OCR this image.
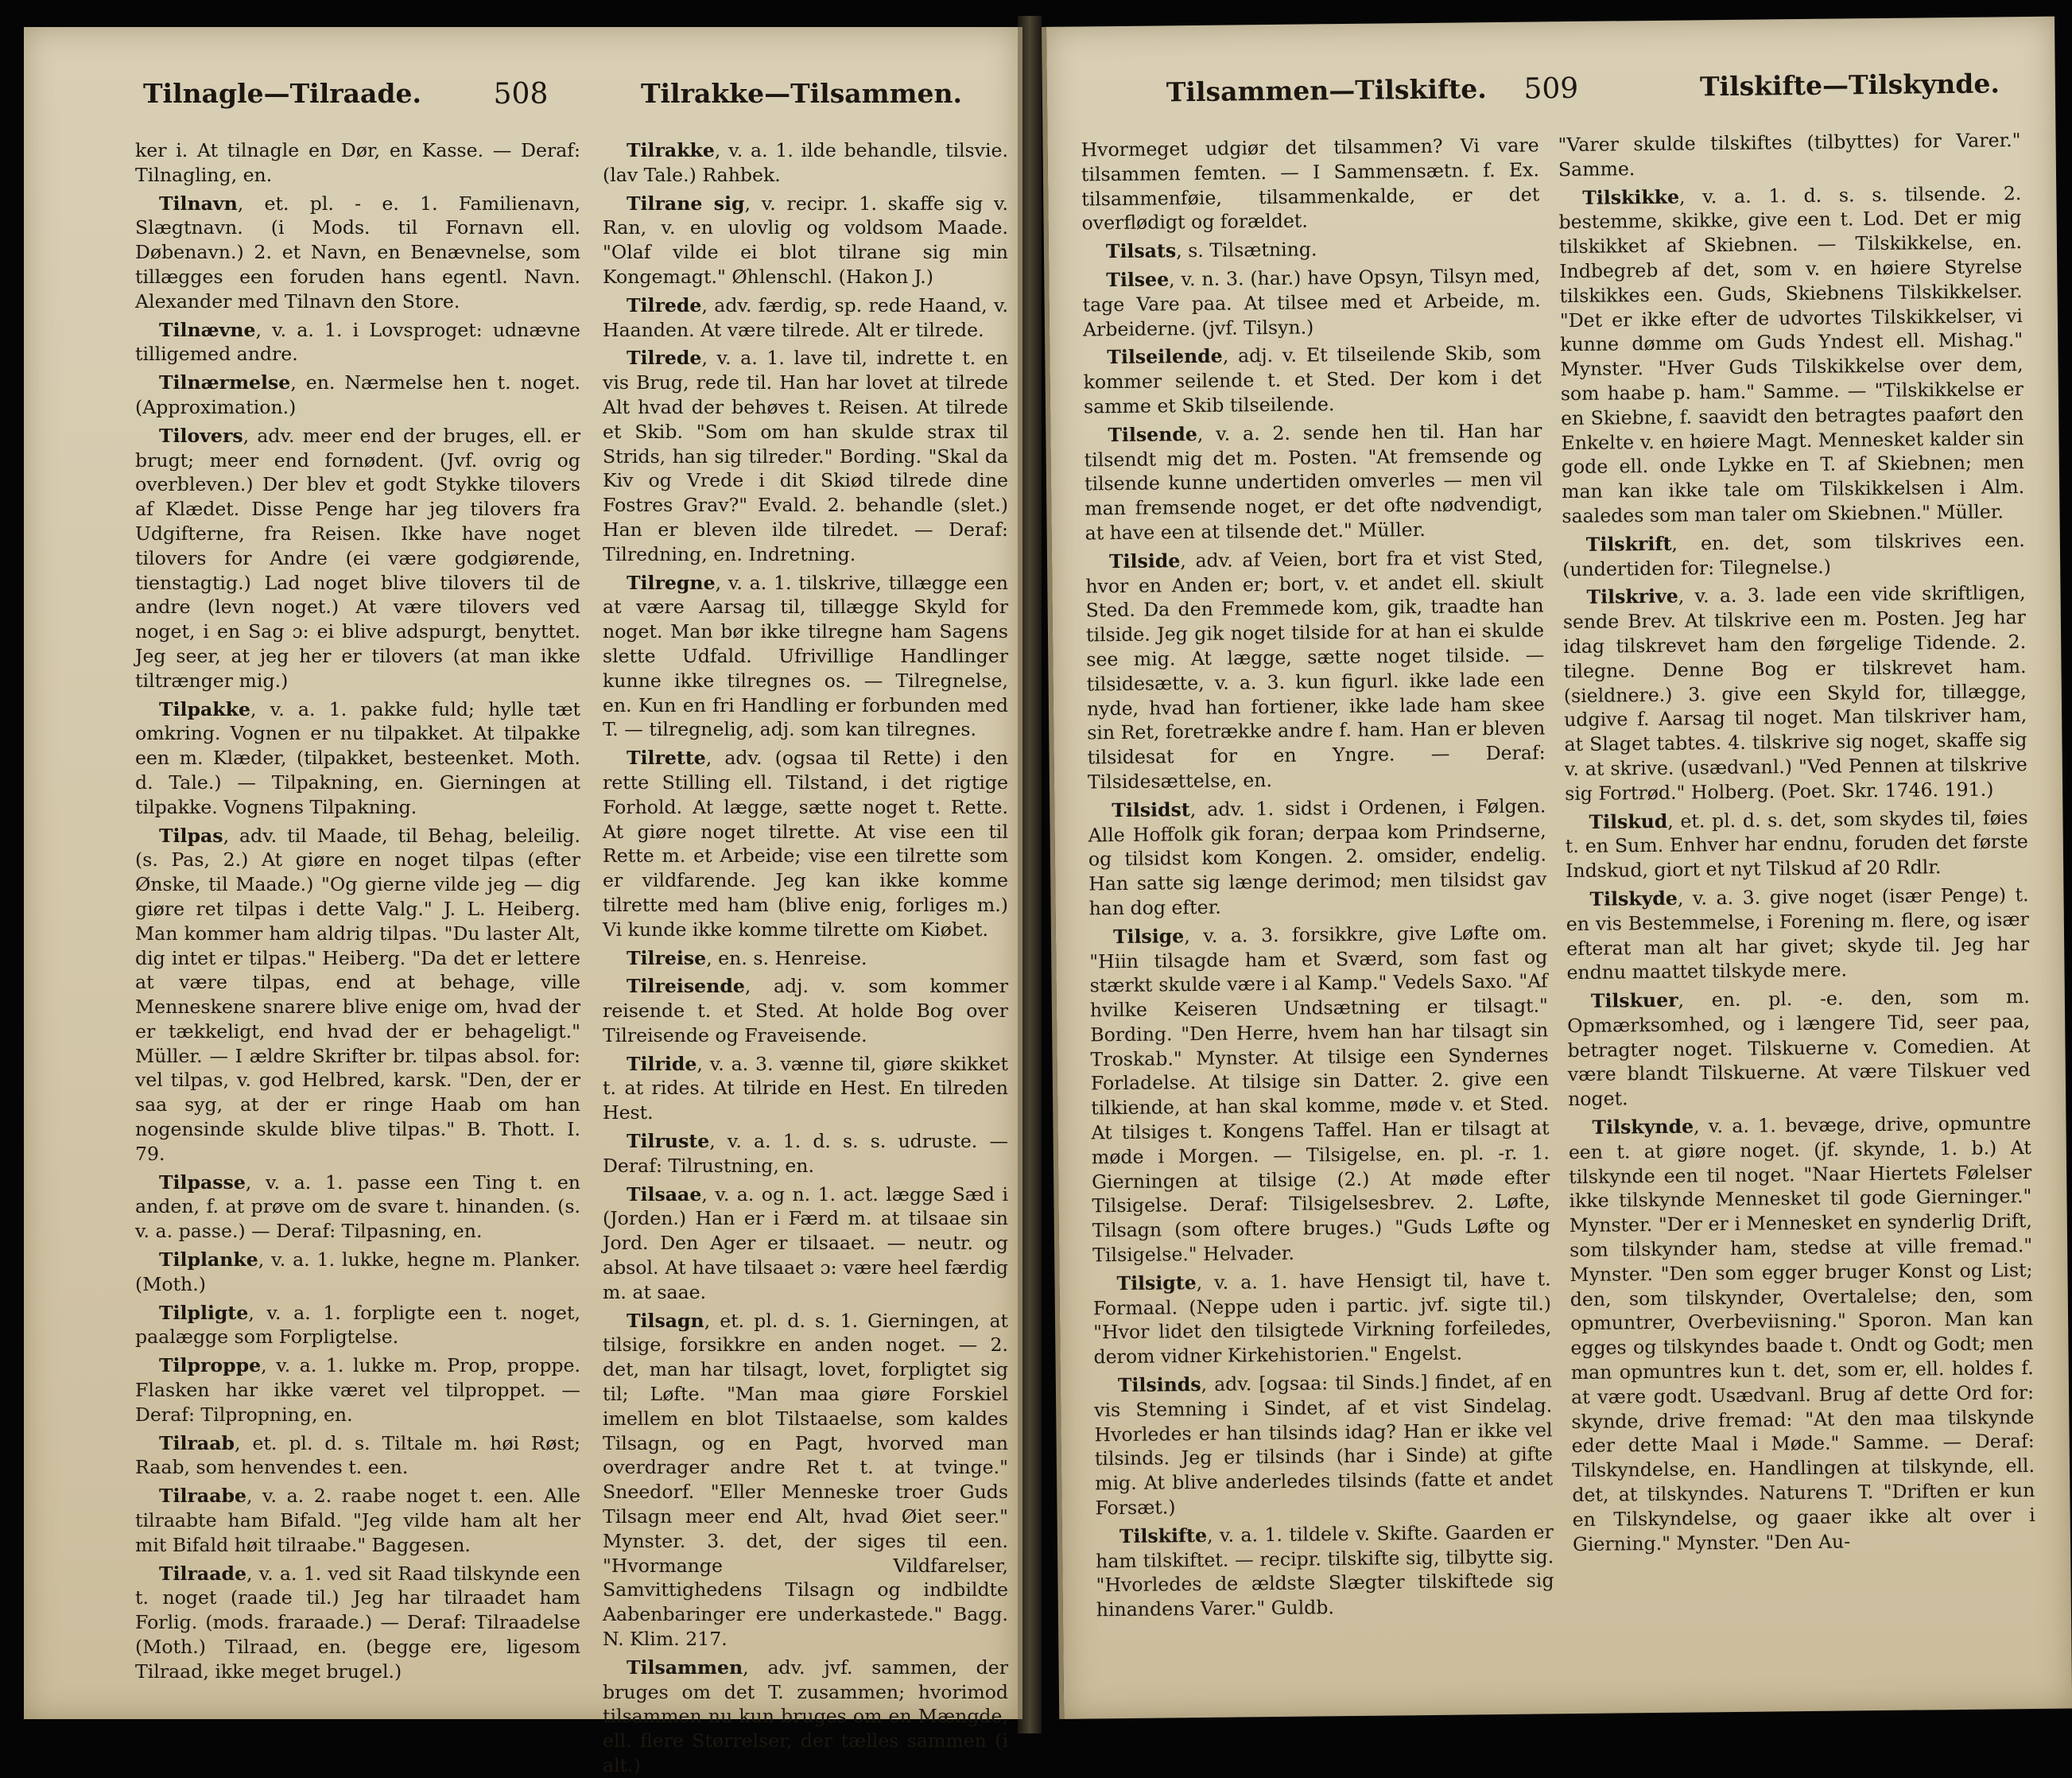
Tilnagle—Tilraade.	508	Tilrakke—Tilsammen.

ker i. At tilnagle en Dør, en Kasse. — Deraf: Tilnagling, en.

Tilnavn, et. pl. - e. 1. Familienavn, Slægtnavn. (i Mods. til Fornavn ell. Døbenavn.) 2. et Navn, en Benævnelse, som tillægges een foruden hans egentl. Navn. Alexander med Tilnavn den Store.

Tilnævne, v. a. 1. i Lovsproget: udnævne tilligemed andre.

Tilnærmelse, en. Nærmelse hen t. noget. (Approximation.)

Tilovers, adv. meer end der bruges, ell. er brugt; meer end fornødent. (Jvf. ovrig og overbleven.) Der blev et godt Stykke tilovers af Klædet. Disse Penge har jeg tilovers fra Udgifterne, fra Reisen. Ikke have noget tilovers for Andre (ei være godgiørende, tienstagtig.) Lad noget blive tilovers til de andre (levn noget.) At være tilovers ved noget, i en Sag ɔ: ei blive adspurgt, benyttet. Jeg seer, at jeg her er tilovers (at man ikke tiltrænger mig.)

Tilpakke, v. a. 1. pakke fuld; hylle tæt omkring. Vognen er nu tilpakket. At tilpakke een m. Klæder, (tilpakket, besteenket. Moth. d. Tale.) — Tilpakning, en. Gierningen at tilpakke. Vognens Tilpakning.

Tilpas, adv. til Maade, til Behag, beleilig. (s. Pas, 2.) At giøre en noget tilpas (efter Ønske, til Maade.) "Og gierne vilde jeg — dig giøre ret tilpas i dette Valg." J. L. Heiberg. Man kommer ham aldrig tilpas. "Du laster Alt, dig intet er tilpas." Heiberg. "Da det er lettere at være tilpas, end at behage, ville Menneskene snarere blive enige om, hvad der er tækkeligt, end hvad der er behageligt." Müller. — I ældre Skrifter br. tilpas absol. for: vel tilpas, v. god Helbred, karsk. "Den, der er saa syg, at der er ringe Haab om han nogensinde skulde blive tilpas." B. Thott. I. 79.

Tilpasse, v. a. 1. passe een Ting t. en anden, f. at prøve om de svare t. hinanden. (s. v. a. passe.) — Deraf: Tilpasning, en.

Tilplanke, v. a. 1. lukke, hegne m. Planker. (Moth.)

Tilpligte, v. a. 1. forpligte een t. noget, paalægge som Forpligtelse.

Tilproppe, v. a. 1. lukke m. Prop, proppe. Flasken har ikke været vel tilproppet. — Deraf: Tilpropning, en.

Tilraab, et. pl. d. s. Tiltale m. høi Røst; Raab, som henvendes t. een.

Tilraabe, v. a. 2. raabe noget t. een. Alle tilraabte ham Bifald. "Jeg vilde ham alt her mit Bifald høit tilraabe." Baggesen.

Tilraade, v. a. 1. ved sit Raad tilskynde een t. noget (raade til.) Jeg har tilraadet ham Forlig. (mods. fraraade.) — Deraf: Tilraadelse (Moth.) Tilraad, en. (begge ere, ligesom Tilraad, ikke meget brugel.)

Tilrakke, v. a. 1. ilde behandle, tilsvie. (lav Tale.) Rahbek.

Tilrane sig, v. recipr. 1. skaffe sig v. Ran, v. en ulovlig og voldsom Maade. "Olaf vilde ei blot tilrane sig min Kongemagt." Øhlenschl. (Hakon J.)

Tilrede, adv. færdig, sp. rede Haand, v. Haanden. At være tilrede. Alt er tilrede.

Tilrede, v. a. 1. lave til, indrette t. en vis Brug, rede til. Han har lovet at tilrede Alt hvad der behøves t. Reisen. At tilrede et Skib. "Som om han skulde strax til Strids, han sig tilreder." Bording. "Skal da Kiv og Vrede i dit Skiød tilrede dine Fostres Grav?" Evald. 2. behandle (slet.) Han er bleven ilde tilredet. — Deraf: Tilredning, en. Indretning.

Tilregne, v. a. 1. tilskrive, tillægge een at være Aarsag til, tillægge Skyld for noget. Man bør ikke tilregne ham Sagens slette Udfald. Ufrivillige Handlinger kunne ikke tilregnes os. — Tilregnelse, en. Kun en fri Handling er forbunden med T. — tilregnelig, adj. som kan tilregnes.

Tilrette, adv. (ogsaa til Rette) i den rette Stilling ell. Tilstand, i det rigtige Forhold. At lægge, sætte noget t. Rette. At giøre noget tilrette. At vise een til Rette m. et Arbeide; vise een tilrette som er vildfarende. Jeg kan ikke komme tilrette med ham (blive enig, forliges m.) Vi kunde ikke komme tilrette om Kiøbet.

Tilreise, en. s. Henreise.

Tilreisende, adj. v. som kommer reisende t. et Sted. At holde Bog over Tilreisende og Fraveisende.

Tilride, v. a. 3. vænne til, giøre skikket t. at rides. At tilride en Hest. En tilreden Hest.

Tilruste, v. a. 1. d. s. s. udruste. — Deraf: Tilrustning, en.

Tilsaae, v. a. og n. 1. act. lægge Sæd i (Jorden.) Han er i Færd m. at tilsaae sin Jord. Den Ager er tilsaaet. — neutr. og absol. At have tilsaaet ɔ: være heel færdig m. at saae.

Tilsagn, et. pl. d. s. 1. Gierningen, at tilsige, forsikkre en anden noget. — 2. det, man har tilsagt, lovet, forpligtet sig til; Løfte. "Man maa giøre Forskiel imellem en blot Tilstaaelse, som kaldes Tilsagn, og en Pagt, hvorved man overdrager andre Ret t. at tvinge." Sneedorf. "Eller Menneske troer Guds Tilsagn meer end Alt, hvad Øiet seer." Mynster. 3. det, der siges til een. "Hvormange Vildfarelser, Samvittighedens Tilsagn og indbildte Aabenbaringer ere underkastede." Bagg. N. Klim. 217.

Tilsammen, adv. jvf. sammen, der bruges om det T. zusammen; hvorimod tilsammen nu kun bruges om en Mængde, ell. flere Størrelser, der tælles sammen (i alt.)

Tilsammen—Tilskifte. 509	Tilskifte—Tilskynde.

Hvormeget udgiør det tilsammen? Vi vare tilsammen femten. — I Sammensætn. f. Ex. tilsammenføie, tilsammenkalde, er det overflødigt og forældet.

Tilsats, s. Tilsætning.

Tilsee, v. n. 3. (har.) have Opsyn, Tilsyn med, tage Vare paa. At tilsee med et Arbeide, m. Arbeiderne. (jvf. Tilsyn.)

Tilseilende, adj. v. Et tilseilende Skib, som kommer seilende t. et Sted. Der kom i det samme et Skib tilseilende.

Tilsende, v. a. 2. sende hen til. Han har tilsendt mig det m. Posten. "At fremsende og tilsende kunne undertiden omverles — men vil man fremsende noget, er det ofte nødvendigt, at have een at tilsende det." Müller.

Tilside, adv. af Veien, bort fra et vist Sted, hvor en Anden er; bort, v. et andet ell. skiult Sted. Da den Fremmede kom, gik, traadte han tilside. Jeg gik noget tilside for at han ei skulde see mig. At lægge, sætte noget tilside. — tilsidesætte, v. a. 3. kun figurl. ikke lade een nyde, hvad han fortiener, ikke lade ham skee sin Ret, foretrække andre f. ham. Han er bleven tilsidesat for en Yngre. — Deraf: Tilsidesættelse, en.

Tilsidst, adv. 1. sidst i Ordenen, i Følgen. Alle Hoffolk gik foran; derpaa kom Prindserne, og tilsidst kom Kongen. 2. omsider, endelig. Han satte sig længe derimod; men tilsidst gav han dog efter.

Tilsige, v. a. 3. forsikkre, give Løfte om. "Hiin tilsagde ham et Sværd, som fast og stærkt skulde være i al Kamp." Vedels Saxo. "Af hvilke Keiseren Undsætning er tilsagt." Bording. "Den Herre, hvem han har tilsagt sin Troskab." Mynster. At tilsige een Syndernes Forladelse. At tilsige sin Datter. 2. give een tilkiende, at han skal komme, møde v. et Sted. At tilsiges t. Kongens Taffel. Han er tilsagt at møde i Morgen. — Tilsigelse, en. pl. -r. 1. Gierningen at tilsige (2.) At møde efter Tilsigelse. Deraf: Tilsigelsesbrev. 2. Løfte, Tilsagn (som oftere bruges.) "Guds Løfte og Tilsigelse." Helvader.

Tilsigte, v. a. 1. have Hensigt til, have t. Formaal. (Neppe uden i partic. jvf. sigte til.) "Hvor lidet den tilsigtede Virkning forfeiledes, derom vidner Kirkehistorien." Engelst.

Tilsinds, adv. [ogsaa: til Sinds.] findet, af en vis Stemning i Sindet, af et vist Sindelag. Hvorledes er han tilsinds idag? Han er ikke vel tilsinds. Jeg er tilsinds (har i Sinde) at gifte mig. At blive anderledes tilsinds (fatte et andet Forsæt.)

Tilskifte, v. a. 1. tildele v. Skifte. Gaarden er ham tilskiftet. — recipr. tilskifte sig, tilbytte sig. "Hvorledes de ældste Slægter tilskiftede sig hinandens Varer." Guldb.

"Varer skulde tilskiftes (tilbyttes) for Varer." Samme.

Tilskikke, v. a. 1. d. s. s. tilsende. 2. bestemme, skikke, give een t. Lod. Det er mig tilskikket af Skiebnen. — Tilskikkelse, en. Indbegreb af det, som v. en høiere Styrelse tilskikkes een. Guds, Skiebnens Tilskikkelser. "Det er ikke efter de udvortes Tilskikkelser, vi kunne dømme om Guds Yndest ell. Mishag." Mynster. "Hver Guds Tilskikkelse over dem, som haabe p. ham." Samme. — "Tilskikkelse er en Skiebne, f. saavidt den betragtes paaført den Enkelte v. en høiere Magt. Mennesket kalder sin gode ell. onde Lykke en T. af Skiebnen; men man kan ikke tale om Tilskikkelsen i Alm. saaledes som man taler om Skiebnen." Müller.

Tilskrift, en. det, som tilskrives een. (undertiden for: Tilegnelse.)

Tilskrive, v. a. 3. lade een vide skriftligen, sende Brev. At tilskrive een m. Posten. Jeg har idag tilskrevet ham den førgelige Tidende. 2. tilegne. Denne Bog er tilskrevet ham. (sieldnere.) 3. give een Skyld for, tillægge, udgive f. Aarsag til noget. Man tilskriver ham, at Slaget tabtes. 4. tilskrive sig noget, skaffe sig v. at skrive. (usædvanl.) "Ved Pennen at tilskrive sig Fortrød." Holberg. (Poet. Skr. 1746. 191.)

Tilskud, et. pl. d. s. det, som skydes til, føies t. en Sum. Enhver har endnu, foruden det første Indskud, giort et nyt Tilskud af 20 Rdlr.

Tilskyde, v. a. 3. give noget (især Penge) t. en vis Bestemmelse, i Forening m. flere, og især efterat man alt har givet; skyde til. Jeg har endnu maattet tilskyde mere.

Tilskuer, en. pl. -e. den, som m. Opmærksomhed, og i længere Tid, seer paa, betragter noget. Tilskuerne v. Comedien. At være blandt Tilskuerne. At være Tilskuer ved noget.

Tilskynde, v. a. 1. bevæge, drive, opmuntre een t. at giøre noget. (jf. skynde, 1. b.) At tilskynde een til noget. "Naar Hiertets Følelser ikke tilskynde Mennesket til gode Gierninger." Mynster. "Der er i Mennesket en synderlig Drift, som tilskynder ham, stedse at ville fremad." Mynster. "Den som egger bruger Konst og List; den, som tilskynder, Overtalelse; den, som opmuntrer, Overbeviisning." Sporon. Man kan egges og tilskyndes baade t. Ondt og Godt; men man opmuntres kun t. det, som er, ell. holdes f. at være godt. Usædvanl. Brug af dette Ord for: skynde, drive fremad: "At den maa tilskynde eder dette Maal i Møde." Samme. — Deraf: Tilskyndelse, en. Handlingen at tilskynde, ell. det, at tilskyndes. Naturens T. "Driften er kun en Tilskyndelse, og gaaer ikke alt over i Gierning." Mynster. "Den Au-
